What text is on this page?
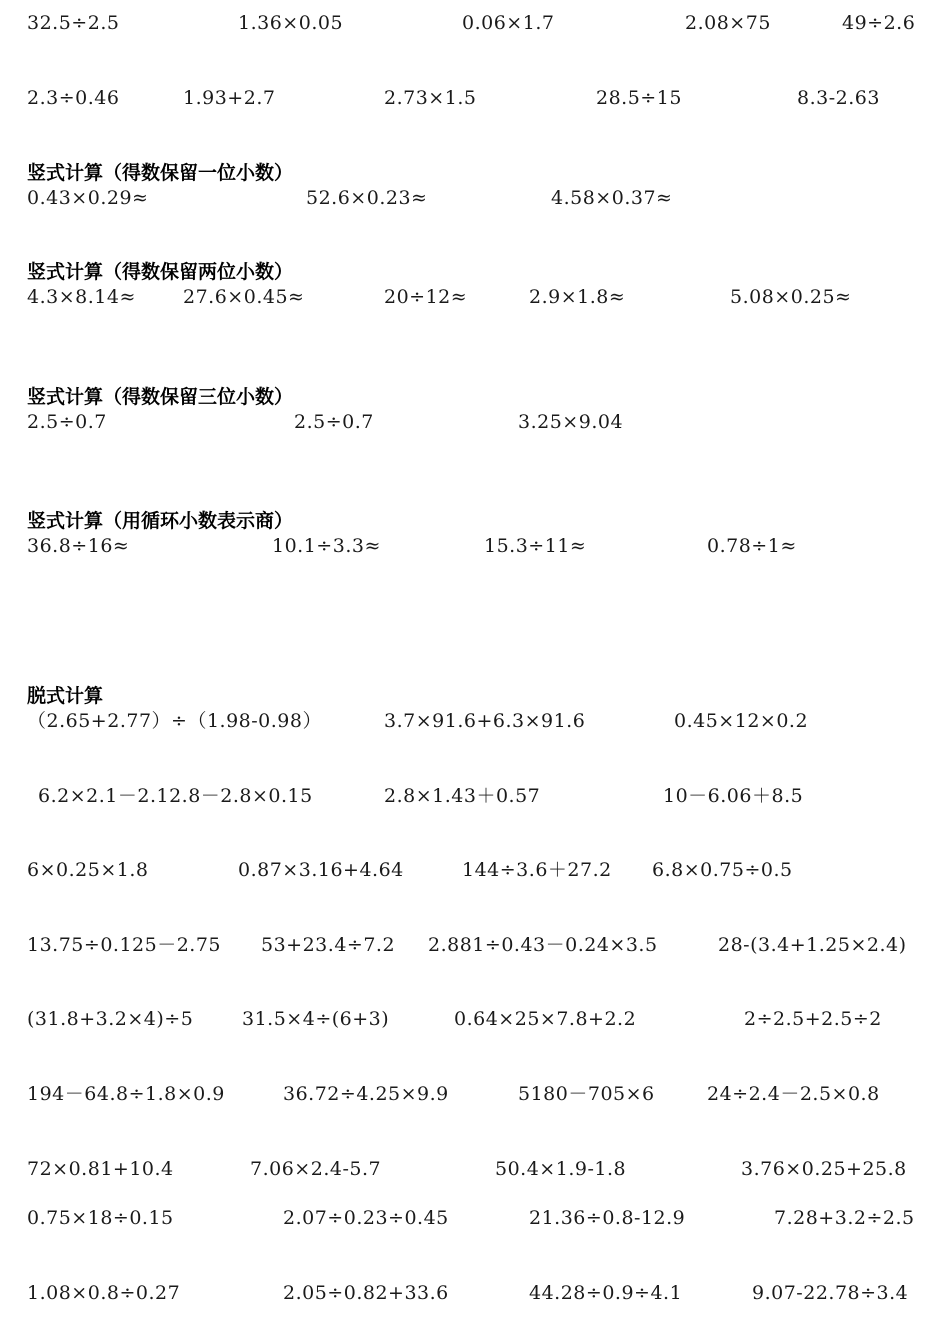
32.5÷2.5	1.36×0.05	0.06×1.7	2.08×75	49÷2.6
2.3÷0.46	1.93+2.7	2.73×1.5	28.5÷15	8.3-2.63
竖式计算（得数保留一位小数）
0.43×0.29≈	52.6×0.23≈	4.58×0.37≈
竖式计算（得数保留两位小数）
4.3×8.14≈ 27.6×0.45≈	20÷12≈	2.9×1.8≈	5.08×0.25≈
竖式计算（得数保留三位小数）
2.5÷0.7	2.5÷0.7	3.25×9.04
竖式计算（用循环小数表示商）
36.8÷16≈	10.1÷3.3≈	15.3÷11≈	0.78÷1≈
脱式计算
（2.65+2.77）÷（1.98-0.98）	3.7×91.6+6.3×91.6	0.45×12×0.2
6.2×2.1－2.12.8－2.8×0.15	2.8×1.43＋0.57	10－6.06＋8.5
6×0.25×1.8	0.87×3.16+4.64	144÷3.6＋27.2 6.8×0.75÷0.5
13.75÷0.125－2.75 53+23.4÷7.2 2.881÷0.43－0.24×3.5	28-(3.4+1.25×2.4)
(31.8+3.2×4)÷5	31.5×4÷(6+3)	0.64×25×7.8+2.2	2÷2.5+2.5÷2
194－64.8÷1.8×0.9	36.72÷4.25×9.9	5180－705×6	24÷2.4－2.5×0.8
72×0.81+10.4	7.06×2.4-5.7	50.4×1.9-1.8	3.76×0.25+25.8
0.75×18÷0.15	2.07÷0.23÷0.45	21.36÷0.8-12.9	7.28+3.2÷2.5
1.08×0.8÷0.27	2.05÷0.82+33.6	44.28÷0.9÷4.1	9.07-22.78÷3.4
